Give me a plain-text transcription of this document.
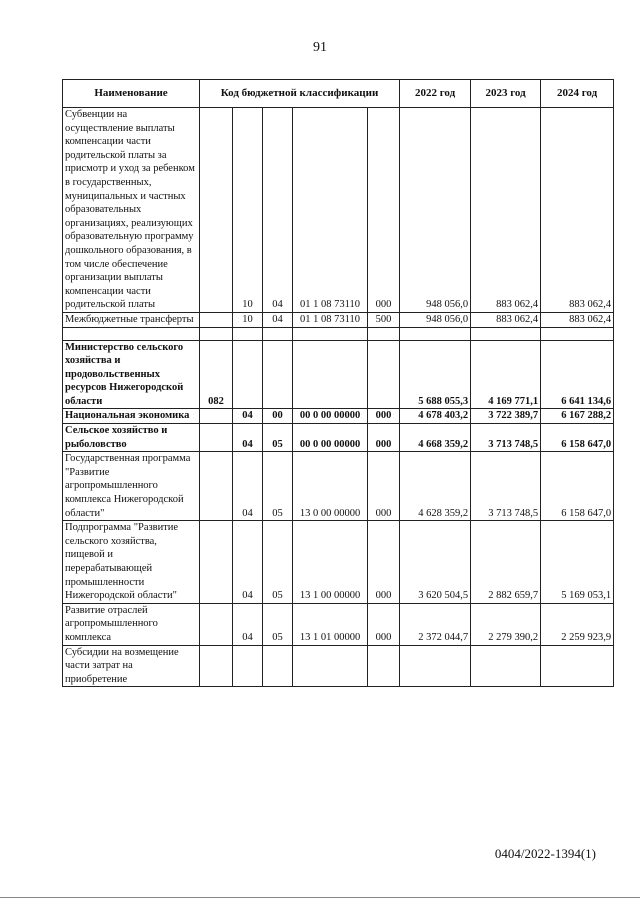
91
Наименование	Код бюджетной классификации					2022 год	2023 год	2024 год
Субвенции на осуществление выплаты компенсации части родительской платы за присмотр и уход за ребенком в государственных, муниципальных и частных образовательных организациях, реализующих образовательную программу дошкольного образования, в том числе обеспечение организации выплаты компенсации части родительской платы		10	04	01 1 08 73110	000	948 056,0	883 062,4	883 062,4
Межбюджетные трансферты		10	04	01 1 08 73110	500	948 056,0	883 062,4	883 062,4

Министерство сельского хозяйства и продовольственных ресурсов Нижегородской области	082					5 688 055,3	4 169 771,1	6 641 134,6
Национальная экономика		04	00	00 0 00 00000	000	4 678 403,2	3 722 389,7	6 167 288,2
Сельское хозяйство и рыболовство		04	05	00 0 00 00000	000	4 668 359,2	3 713 748,5	6 158 647,0
Государственная программа "Развитие агропромышленного комплекса Нижегородской области"		04	05	13 0 00 00000	000	4 628 359,2	3 713 748,5	6 158 647,0
Подпрограмма "Развитие сельского хозяйства, пищевой и перерабатывающей промышленности Нижегородской области"		04	05	13 1 00 00000	000	3 620 504,5	2 882 659,7	5 169 053,1
Развитие отраслей агропромышленного комплекса		04	05	13 1 01 00000	000	2 372 044,7	2 279 390,2	2 259 923,9
Субсидии на возмещение части затрат на приобретение								
0404/2022-1394(1)
